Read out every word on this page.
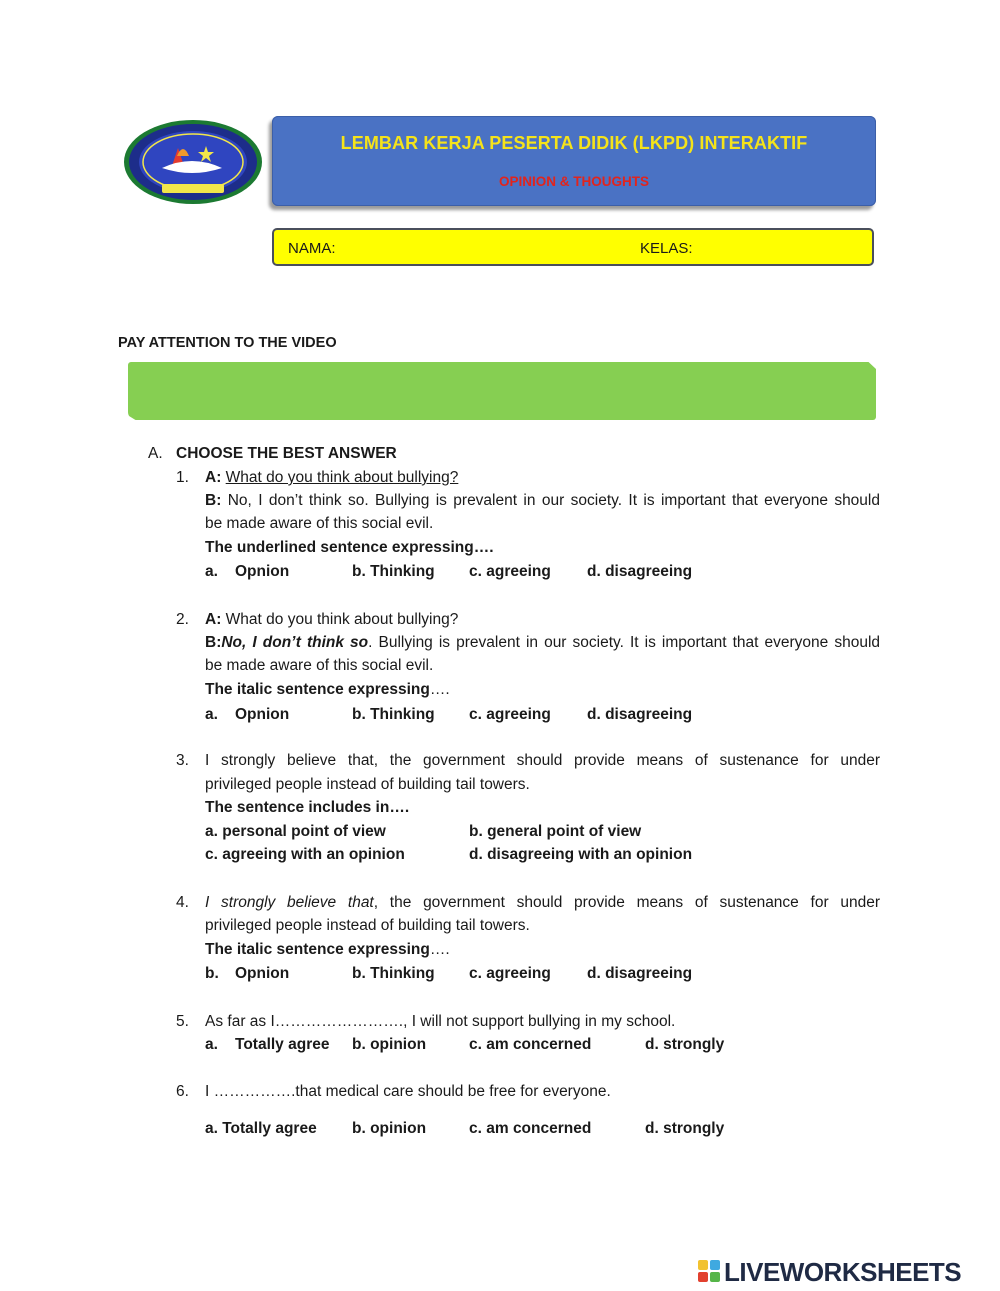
LEMBAR KERJA PESERTA DIDIK (LKPD) INTERAKTIF
OPINION & THOUGHTS
NAMA:	KELAS:
PAY ATTENTION TO THE VIDEO
A. CHOOSE THE BEST ANSWER
1. A: What do you think about bullying?
B: No, I don’t think so. Bullying is prevalent in our society. It is important that everyone should
be made aware of this social evil.
The underlined sentence expressing….
a. Opnion	b. Thinking c. agreeing d. disagreeing
2. A: What do you think about bullying?
B:No, I don’t think so. Bullying is prevalent in our society. It is important that everyone should
be made aware of this social evil.
The italic sentence expressing….
a. Opnion	b. Thinking c. agreeing d. disagreeing
3. I strongly believe that, the government should provide means of sustenance for under
privileged people instead of building tail towers.
The sentence includes in….
a. personal point of view	b. general point of view
c. agreeing with an opinion	d. disagreeing with an opinion
4. I strongly believe that, the government should provide means of sustenance for under
privileged people instead of building tail towers.
The italic sentence expressing….
b. Opnion	b. Thinking c. agreeing d. disagreeing
5. As far as I……………………., I will not support bullying in my school.
a. Totally agree b. opinion	c. am concerned	d. strongly
6. I …………….that medical care should be free for everyone.
a. Totally agree b. opinion	c. am concerned	d. strongly
LIVEWORKSHEETS
